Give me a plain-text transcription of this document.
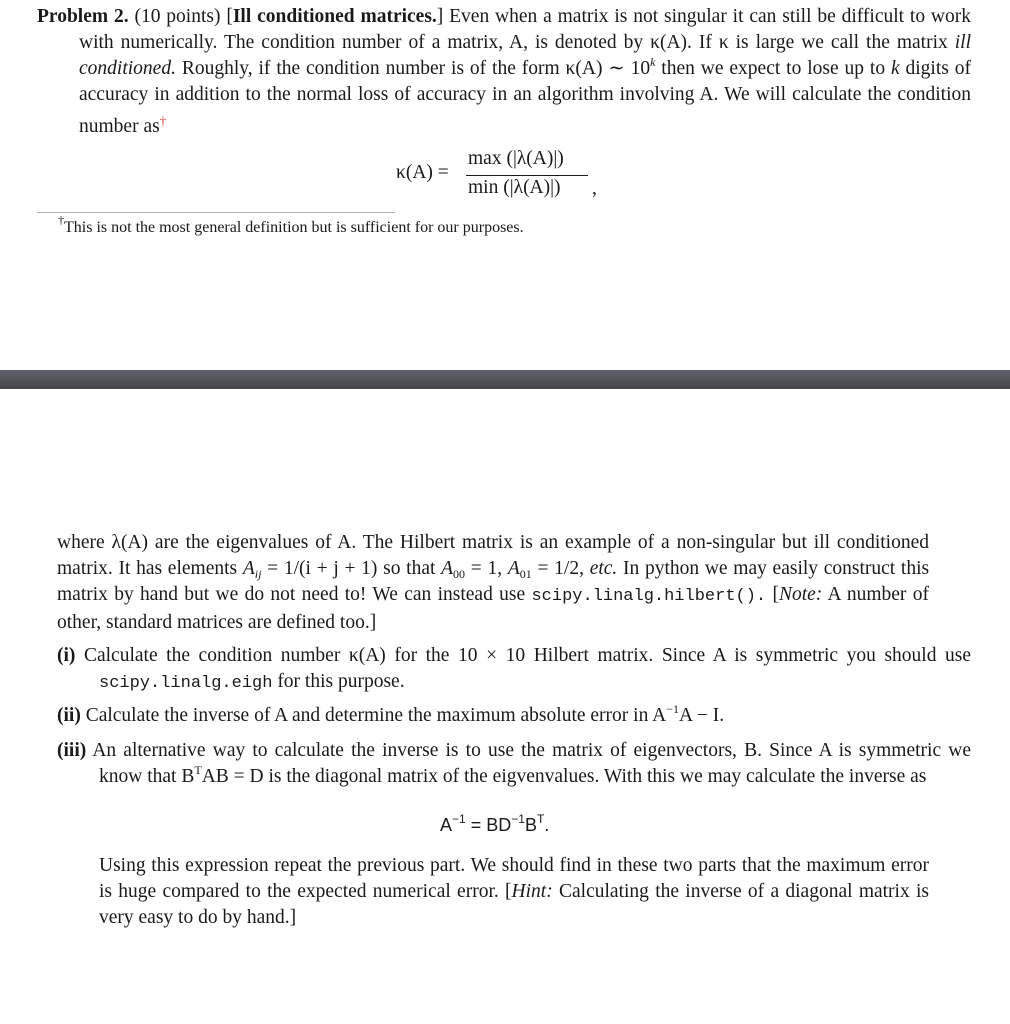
Problem 2. (10 points) [Ill conditioned matrices.] Even when a matrix is not singular it can still be difficult to work with numerically. The condition number of a matrix, A, is denoted by κ(A). If κ is large we call the matrix ill conditioned. Roughly, if the condition number is of the form κ(A) ∼ 10$^k$ then we expect to lose up to k digits of accuracy in addition to the normal loss of accuracy in an algorithm involving A. We will calculate the condition number as†
κ(A) =
max (|λ(A)|)
min (|λ(A)|) ,
†This is not the most general definition but is sufficient for our purposes.
where λ(A) are the eigenvalues of A. The Hilbert matrix is an example of a non-singular but ill conditioned matrix. It has elements $A_{ij} = 1/(i + j + 1)$ so that $A_{00} = 1$, $A_{01} = 1/2$, etc. In python we may easily construct this matrix by hand but we do not need to! We can instead use scipy.linalg.hilbert(). [Note: A number of other, standard matrices are defined too.]
(i) Calculate the condition number κ(A) for the 10 × 10 Hilbert matrix. Since A is symmetric you should use scipy.linalg.eigh for this purpose.
(ii) Calculate the inverse of A and determine the maximum absolute error in $A^{-1}A - I$.
(iii) An alternative way to calculate the inverse is to use the matrix of eigenvectors, B. Since A is symmetric we know that $B^TAB = D$ is the diagonal matrix of the eigvenvalues. With this we may calculate the inverse as
$A^{-1} = BD^{-1}B^T$.
Using this expression repeat the previous part. We should find in these two parts that the maximum error is huge compared to the expected numerical error. [Hint: Calculating the inverse of a diagonal matrix is very easy to do by hand.]
